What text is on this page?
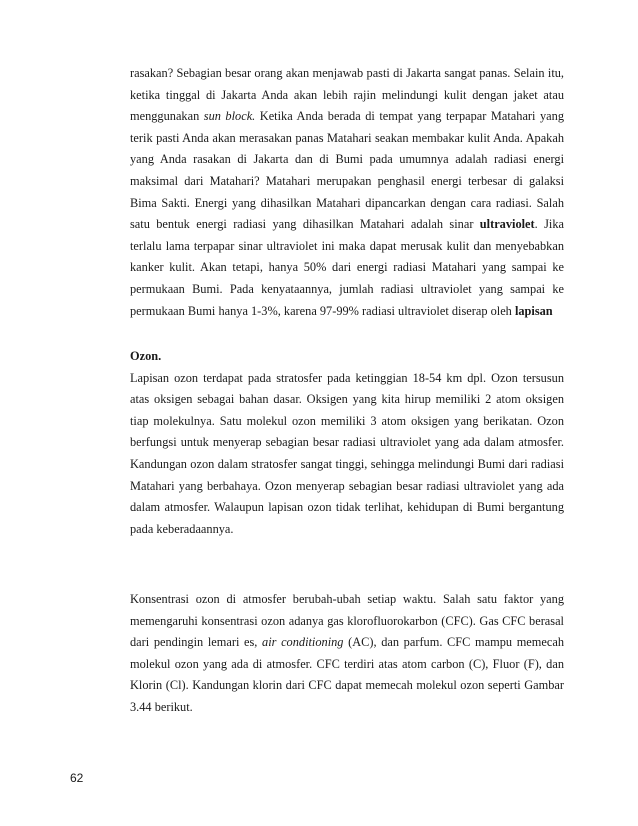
rasakan? Sebagian besar orang akan menjawab pasti di Jakarta sangat panas. Selain itu, ketika tinggal di Jakarta Anda akan lebih rajin melindungi kulit dengan jaket atau menggunakan sun block. Ketika Anda berada di tempat yang terpapar Matahari yang terik pasti Anda akan merasakan panas Matahari seakan membakar kulit Anda. Apakah yang Anda rasakan di Jakarta dan di Bumi pada umumnya adalah radiasi energi maksimal dari Matahari? Matahari merupakan penghasil energi terbesar di galaksi Bima Sakti. Energi yang dihasilkan Matahari dipancarkan dengan cara radiasi. Salah satu bentuk energi radiasi yang dihasilkan Matahari adalah sinar ultraviolet. Jika terlalu lama terpapar sinar ultraviolet ini maka dapat merusak kulit dan menyebabkan kanker kulit. Akan tetapi, hanya 50% dari energi radiasi Matahari yang sampai ke permukaan Bumi. Pada kenyataannya, jumlah radiasi ultraviolet yang sampai ke permukaan Bumi hanya 1-3%, karena 97-99% radiasi ultraviolet diserap oleh lapisan

Ozon.
Lapisan ozon terdapat pada stratosfer pada ketinggian 18-54 km dpl. Ozon tersusun atas oksigen sebagai bahan dasar. Oksigen yang kita hirup memiliki 2 atom oksigen tiap molekulnya. Satu molekul ozon memiliki 3 atom oksigen yang berikatan. Ozon berfungsi untuk menyerap sebagian besar radiasi ultraviolet yang ada dalam atmosfer. Kandungan ozon dalam stratosfer sangat tinggi, sehingga melindungi Bumi dari radiasi Matahari yang berbahaya. Ozon menyerap sebagian besar radiasi ultraviolet yang ada dalam atmosfer. Walaupun lapisan ozon tidak terlihat, kehidupan di Bumi bergantung pada keberadaannya.

Konsentrasi ozon di atmosfer berubah-ubah setiap waktu. Salah satu faktor yang memengaruhi konsentrasi ozon adanya gas klorofluorokarbon (CFC). Gas CFC berasal dari pendingin lemari es, air conditioning (AC), dan parfum. CFC mampu memecah molekul ozon yang ada di atmosfer. CFC terdiri atas atom carbon (C), Fluor (F), dan Klorin (Cl). Kandungan klorin dari CFC dapat memecah molekul ozon seperti Gambar 3.44 berikut.

62
